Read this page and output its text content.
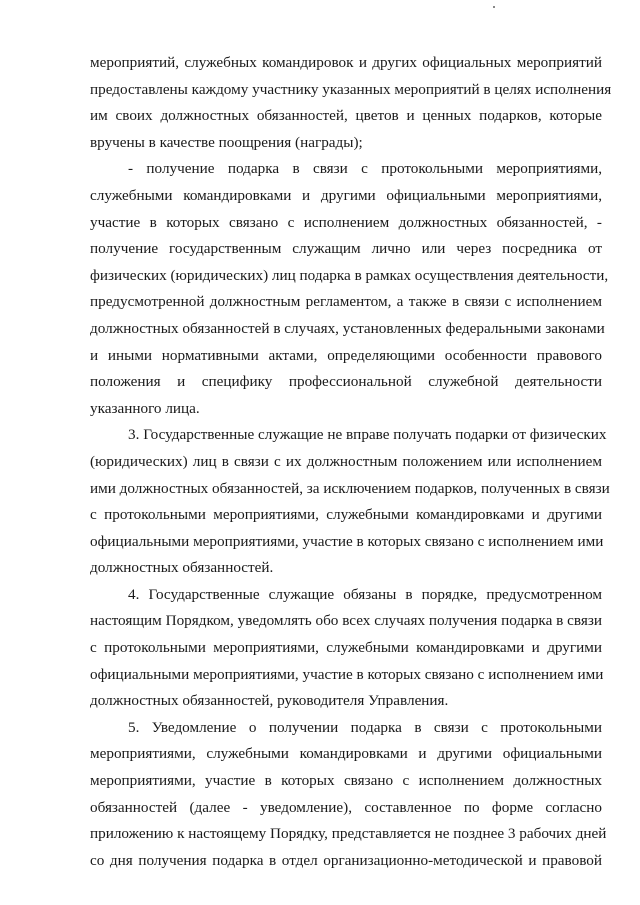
мероприятий, служебных командировок и других официальных мероприятий
предоставлены каждому участнику указанных мероприятий в целях исполнения
им своих должностных обязанностей, цветов и ценных подарков, которые
вручены в качестве поощрения (награды);
- получение подарка в связи с протокольными мероприятиями,
служебными командировками и другими официальными мероприятиями,
участие в которых связано с исполнением должностных обязанностей, -
получение государственным служащим лично или через посредника от
физических (юридических) лиц подарка в рамках осуществления деятельности,
предусмотренной должностным регламентом, а также в связи с исполнением
должностных обязанностей в случаях, установленных федеральными законами
и иными нормативными актами, определяющими особенности правового
положения и специфику профессиональной служебной деятельности
указанного лица.
3. Государственные служащие не вправе получать подарки от физических
(юридических) лиц в связи с их должностным положением или исполнением
ими должностных обязанностей, за исключением подарков, полученных в связи
с протокольными мероприятиями, служебными командировками и другими
официальными мероприятиями, участие в которых связано с исполнением ими
должностных обязанностей.
4. Государственные служащие обязаны в порядке, предусмотренном
настоящим Порядком, уведомлять обо всех случаях получения подарка в связи
с протокольными мероприятиями, служебными командировками и другими
официальными мероприятиями, участие в которых связано с исполнением ими
должностных обязанностей, руководителя Управления.
5. Уведомление о получении подарка в связи с протокольными
мероприятиями, служебными командировками и другими официальными
мероприятиями, участие в которых связано с исполнением должностных
обязанностей (далее - уведомление), составленное по форме согласно
приложению к настоящему Порядку, представляется не позднее 3 рабочих дней
со дня получения подарка в отдел организационно-методической и правовой
